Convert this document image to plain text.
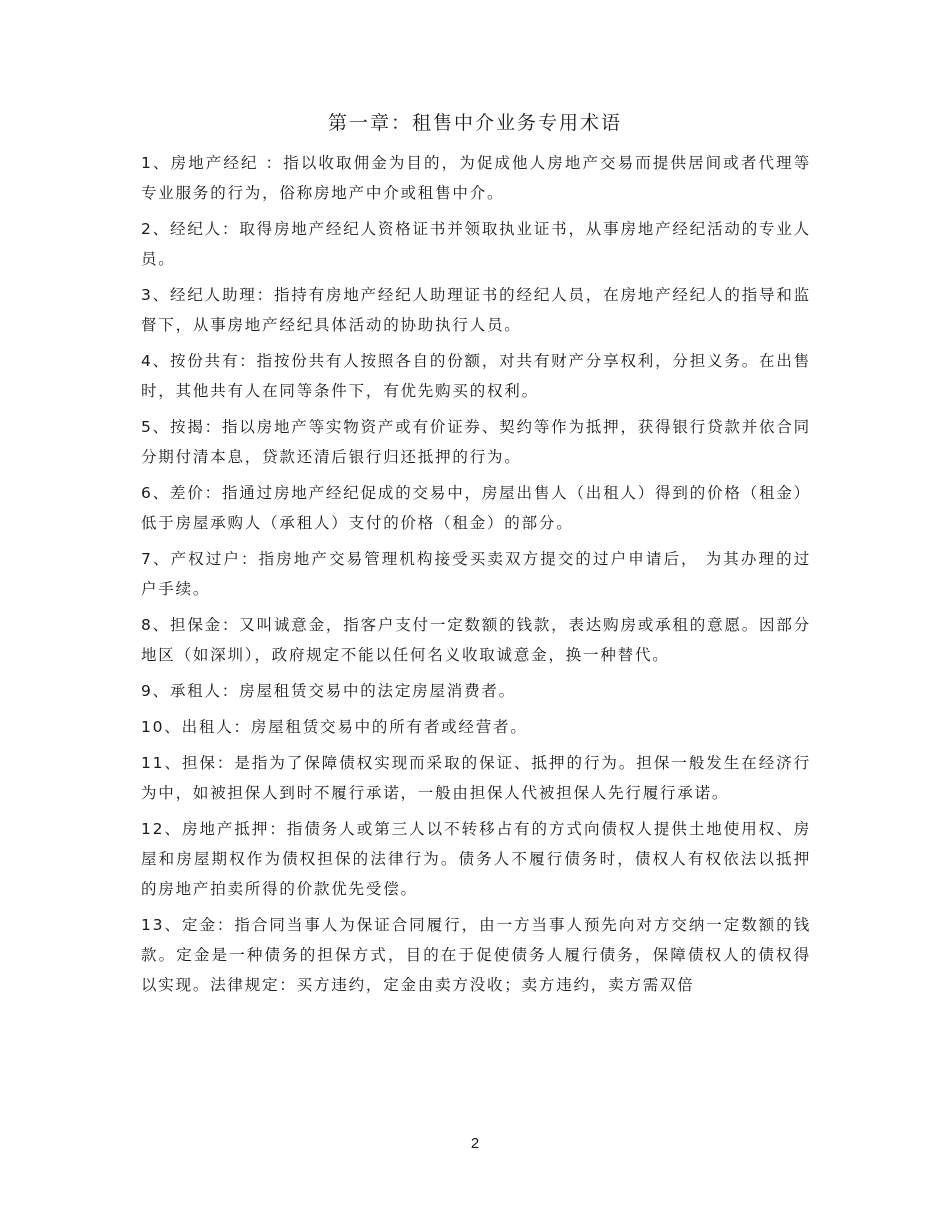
第一章：租售中介业务专用术语

1、房地产经纪 ：指以收取佣金为目的，为促成他人房地产交易而提供居间或者代理等专业服务的行为，俗称房地产中介或租售中介。

2、经纪人：取得房地产经纪人资格证书并领取执业证书，从事房地产经纪活动的专业人员。

3、经纪人助理：指持有房地产经纪人助理证书的经纪人员，在房地产经纪人的指导和监督下，从事房地产经纪具体活动的协助执行人员。

4、按份共有：指按份共有人按照各自的份额，对共有财产分享权利，分担义务。在出售时，其他共有人在同等条件下，有优先购买的权利。

5、按揭：指以房地产等实物资产或有价证券、契约等作为抵押，获得银行贷款并依合同分期付清本息，贷款还清后银行归还抵押的行为。

6、差价：指通过房地产经纪促成的交易中，房屋出售人（出租人）得到的价格（租金）低于房屋承购人（承租人）支付的价格（租金）的部分。

7、产权过户：指房地产交易管理机构接受买卖双方提交的过户申请后， 为其办理的过户手续。

8、担保金：又叫诚意金，指客户支付一定数额的钱款，表达购房或承租的意愿。因部分地区（如深圳），政府规定不能以任何名义收取诚意金，换一种替代。

9、承租人：房屋租赁交易中的法定房屋消费者。

10、出租人：房屋租赁交易中的所有者或经营者。

11、担保：是指为了保障债权实现而采取的保证、抵押的行为。担保一般发生在经济行为中，如被担保人到时不履行承诺，一般由担保人代被担保人先行履行承诺。

12、房地产抵押：指债务人或第三人以不转移占有的方式向债权人提供土地使用权、房屋和房屋期权作为债权担保的法律行为。债务人不履行债务时，债权人有权依法以抵押的房地产拍卖所得的价款优先受偿。

13、定金：指合同当事人为保证合同履行，由一方当事人预先向对方交纳一定数额的钱款。定金是一种债务的担保方式，目的在于促使债务人履行债务，保障债权人的债权得以实现。法律规定：买方违约，定金由卖方没收；卖方违约，卖方需双倍

2
